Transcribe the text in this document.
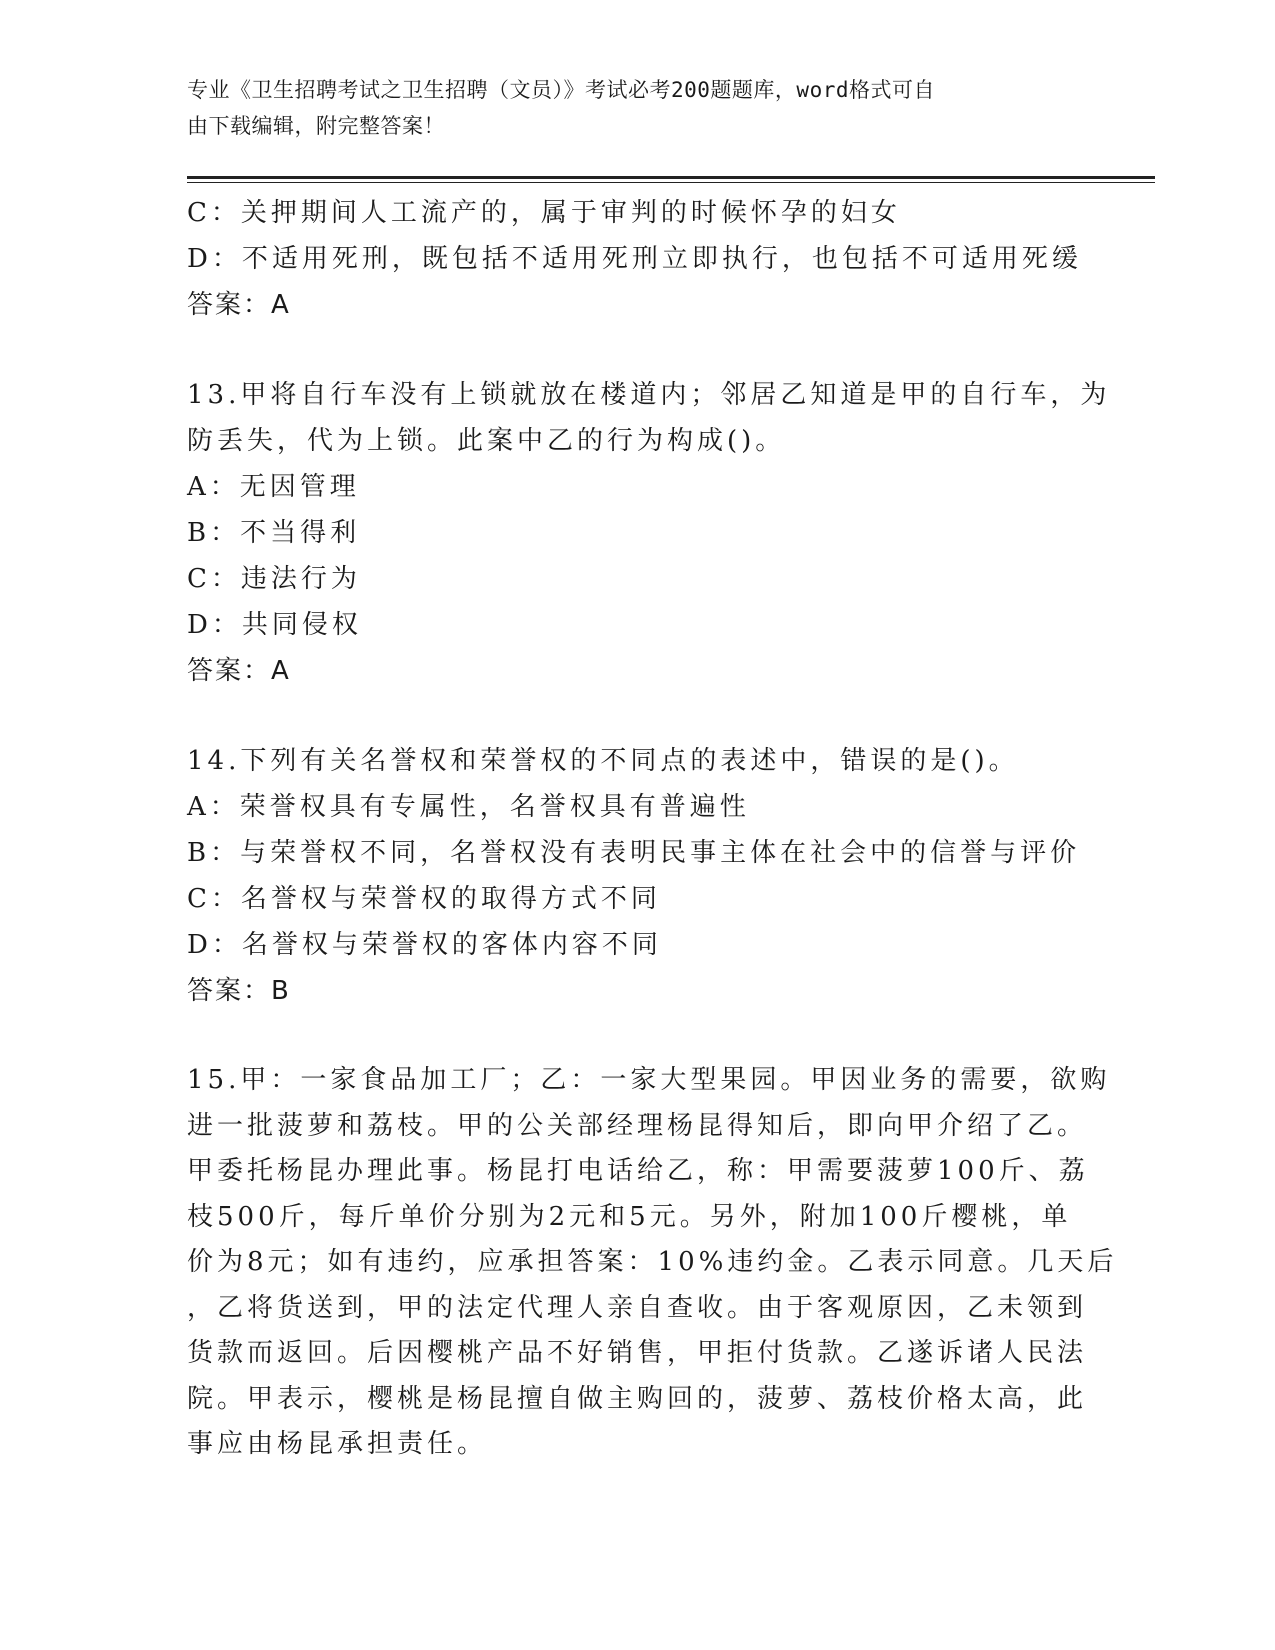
专业《卫生招聘考试之卫生招聘（文员）》考试必考200题题库，word格式可自
由下载编辑，附完整答案！
C：关押期间人工流产的，属于审判的时候怀孕的妇女
D：不适用死刑，既包括不适用死刑立即执行，也包括不可适用死缓
答案：A
13.甲将自行车没有上锁就放在楼道内；邻居乙知道是甲的自行车，为
防丢失，代为上锁。此案中乙的行为构成()。
A：无因管理
B：不当得利
C：违法行为
D：共同侵权
答案：A
14.下列有关名誉权和荣誉权的不同点的表述中，错误的是()。
A：荣誉权具有专属性，名誉权具有普遍性
B：与荣誉权不同，名誉权没有表明民事主体在社会中的信誉与评价
C：名誉权与荣誉权的取得方式不同
D：名誉权与荣誉权的客体内容不同
答案：B
15.甲：一家食品加工厂；乙：一家大型果园。甲因业务的需要，欲购
进一批菠萝和荔枝。甲的公关部经理杨昆得知后，即向甲介绍了乙。
甲委托杨昆办理此事。杨昆打电话给乙，称：甲需要菠萝100斤、荔
枝500斤，每斤单价分别为2元和5元。另外，附加100斤樱桃，单
价为8元；如有违约，应承担答案：10%违约金。乙表示同意。几天后
，乙将货送到，甲的法定代理人亲自查收。由于客观原因，乙未领到
货款而返回。后因樱桃产品不好销售，甲拒付货款。乙遂诉诸人民法
院。甲表示，樱桃是杨昆擅自做主购回的，菠萝、荔枝价格太高，此
事应由杨昆承担责任。
